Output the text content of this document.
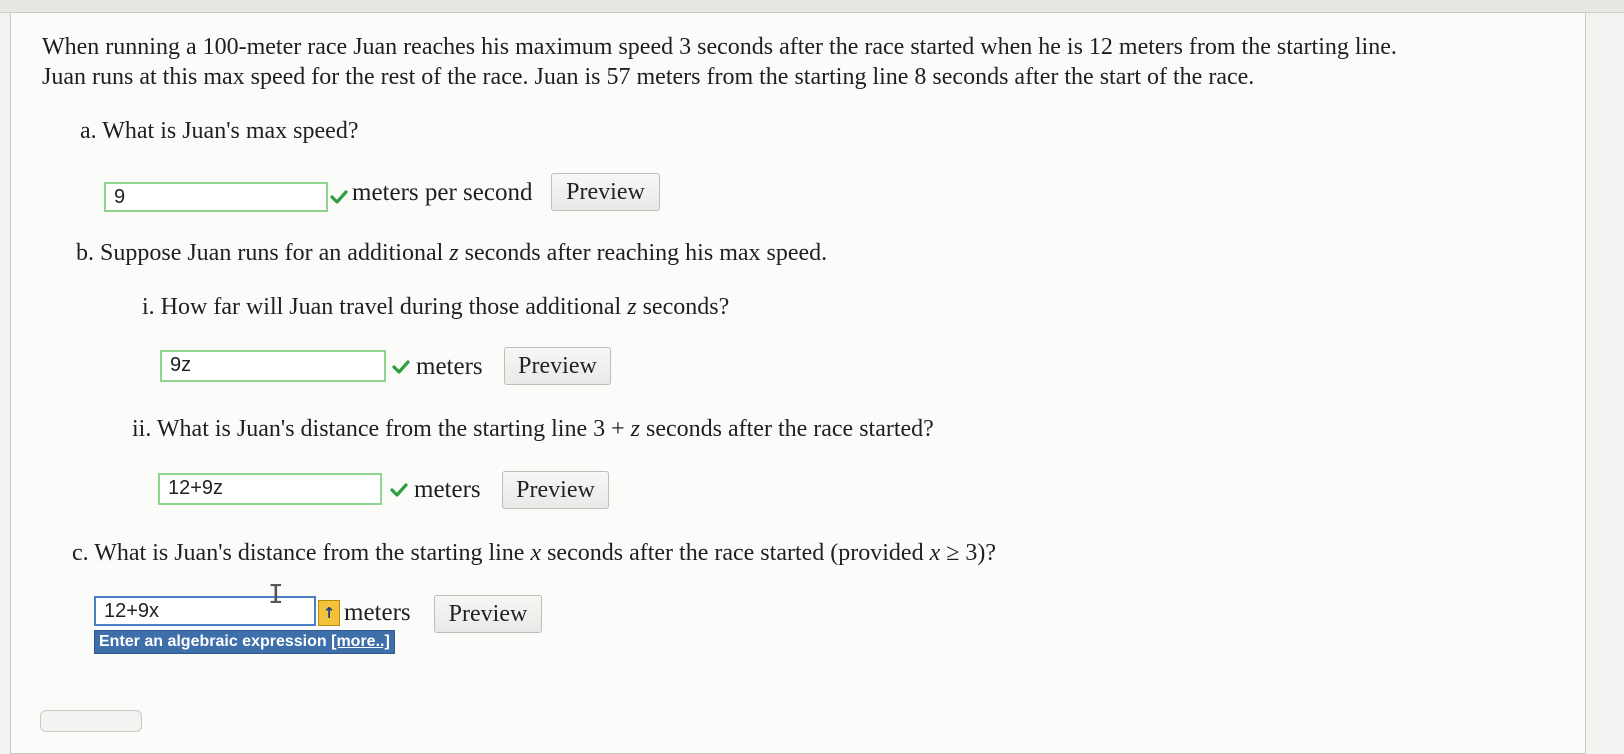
When running a 100-meter race Juan reaches his maximum speed 3 seconds after the race started when he is 12 meters from the starting line.
Juan runs at this max speed for the rest of the race. Juan is 57 meters from the starting line 8 seconds after the start of the race.
a. What is Juan's max speed?
9	meters per second	Preview
b. Suppose Juan runs for an additional z seconds after reaching his max speed.
i. How far will Juan travel during those additional z seconds?
9z	meters	Preview
ii. What is Juan's distance from the starting line 3 + z seconds after the race started?
12+9z	meters	Preview
c. What is Juan's distance from the starting line x seconds after the race started (provided x ≥ 3)?
12+9x
I
↑ meters	Preview
Enter an algebraic expression [more..]
